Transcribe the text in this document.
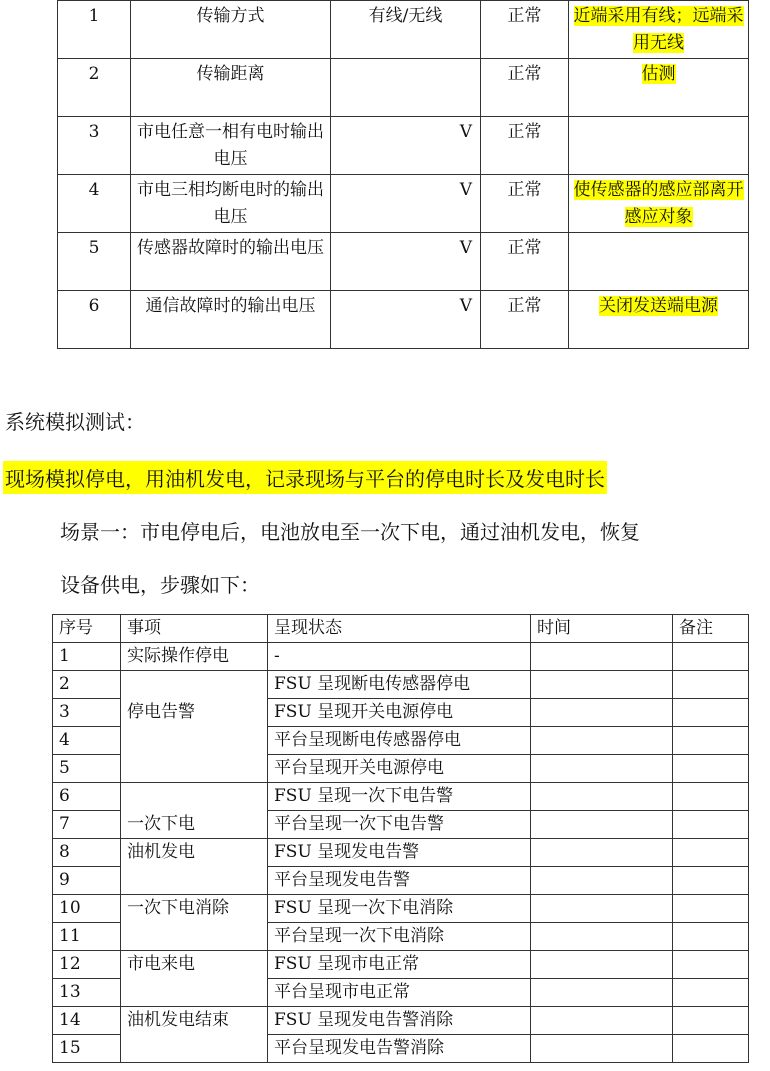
1	传输方式	有线/无线	正常	近端采用有线；远端采用无线
2	传输距离		正常	估测
3	市电任意一相有电时输出电压	V	正常	
4	市电三相均断电时的输出电压	V	正常	使传感器的感应部离开感应对象
5	传感器故障时的输出电压	V	正常	
6	通信故障时的输出电压	V	正常	关闭发送端电源
系统模拟测试：
现场模拟停电，用油机发电，记录现场与平台的停电时长及发电时长
场景一：市电停电后，电池放电至一次下电，通过油机发电，恢复
设备供电，步骤如下：
序号	事项	呈现状态	时间	备注
1	实际操作停电	-		
2	停电告警	FSU 呈现断电传感器停电		
3		FSU 呈现开关电源停电		
4		平台呈现断电传感器停电		
5		平台呈现开关电源停电		
6	一次下电	FSU 呈现一次下电告警		
7		平台呈现一次下电告警		
8	油机发电	FSU 呈现发电告警		
9		平台呈现发电告警		
10	一次下电消除	FSU 呈现一次下电消除		
11		平台呈现一次下电消除		
12	市电来电	FSU 呈现市电正常		
13		平台呈现市电正常		
14	油机发电结束	FSU 呈现发电告警消除		
15		平台呈现发电告警消除		
